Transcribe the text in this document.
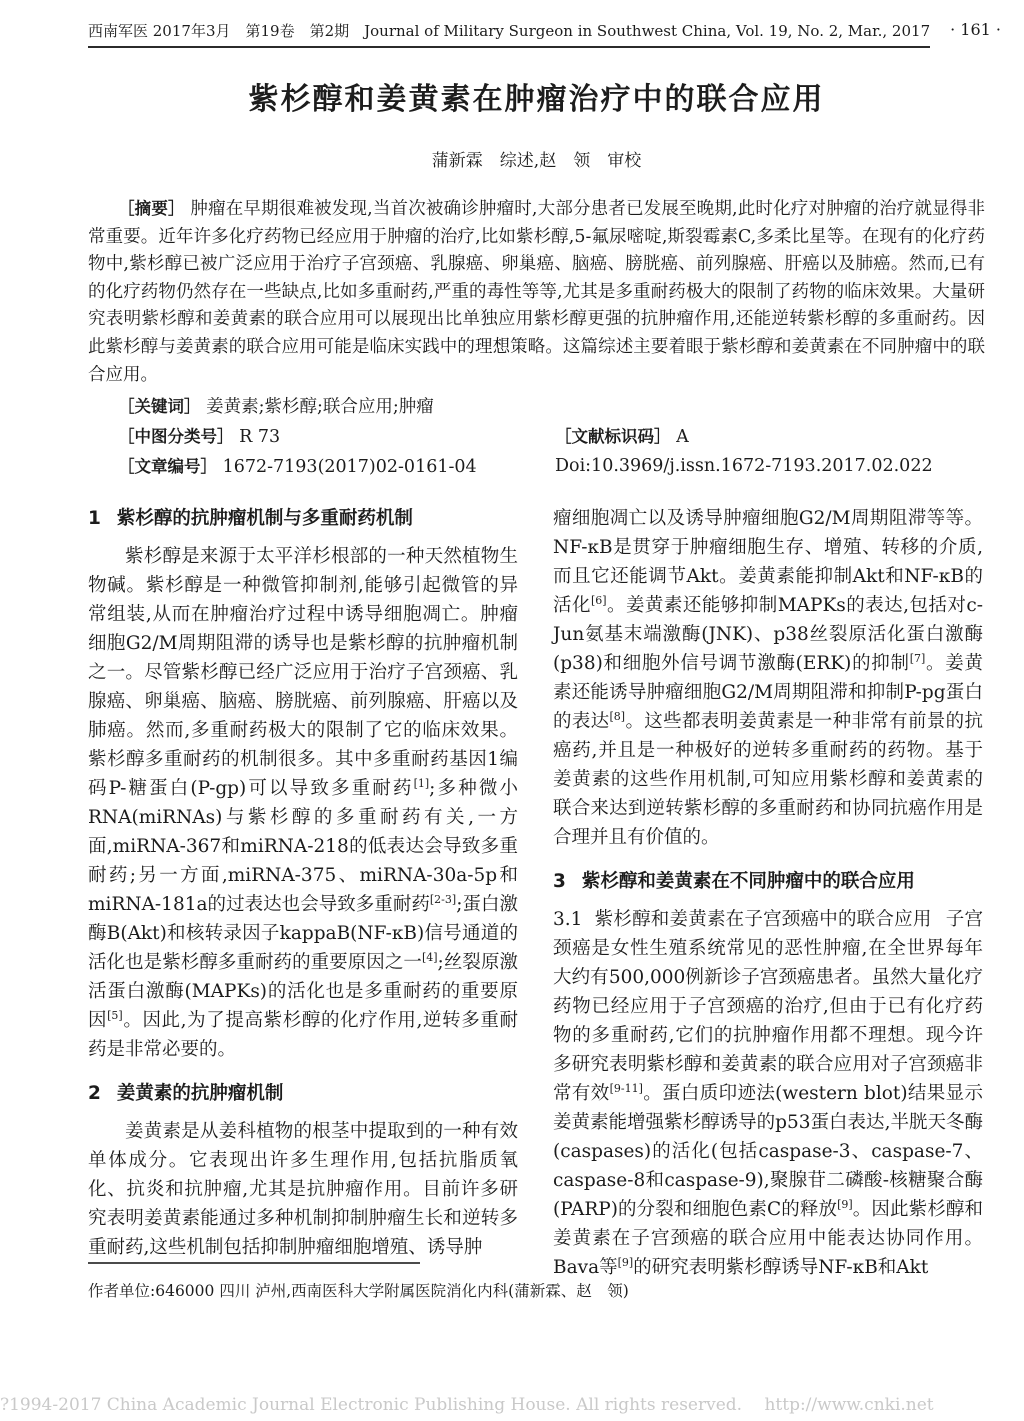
西南军医 2017年3月　第19卷　第2期　Journal of Military Surgeon in Southwest China, Vol. 19, No. 2, Mar., 2017	· 161 ·
紫杉醇和姜黄素在肿瘤治疗中的联合应用
蒲新霖　综述,赵　领　审校
［摘要］ 肿瘤在早期很难被发现,当首次被确诊肿瘤时,大部分患者已发展至晚期,此时化疗对肿瘤的治疗就显得非常重要。近年许多化疗药物已经应用于肿瘤的治疗,比如紫杉醇,5-氟尿嘧啶,斯裂霉素C,多柔比星等。在现有的化疗药物中,紫杉醇已被广泛应用于治疗子宫颈癌、乳腺癌、卵巢癌、脑癌、膀胱癌、前列腺癌、肝癌以及肺癌。然而,已有的化疗药物仍然存在一些缺点,比如多重耐药,严重的毒性等等,尤其是多重耐药极大的限制了药物的临床效果。大量研究表明紫杉醇和姜黄素的联合应用可以展现出比单独应用紫杉醇更强的抗肿瘤作用,还能逆转紫杉醇的多重耐药。因此紫杉醇与姜黄素的联合应用可能是临床实践中的理想策略。这篇综述主要着眼于紫杉醇和姜黄素在不同肿瘤中的联合应用。
［关键词］ 姜黄素;紫杉醇;联合应用;肿瘤
［中图分类号］ R 73	［文献标识码］ A
［文章编号］ 1672-7193(2017)02-0161-04	Doi:10.3969/j.issn.1672-7193.2017.02.022
1 紫杉醇的抗肿瘤机制与多重耐药机制

紫杉醇是来源于太平洋杉根部的一种天然植物生物碱。紫杉醇是一种微管抑制剂,能够引起微管的异常组装,从而在肿瘤治疗过程中诱导细胞凋亡。肿瘤细胞G2/M周期阻滞的诱导也是紫杉醇的抗肿瘤机制之一。尽管紫杉醇已经广泛应用于治疗子宫颈癌、乳腺癌、卵巢癌、脑癌、膀胱癌、前列腺癌、肝癌以及肺癌。然而,多重耐药极大的限制了它的临床效果。紫杉醇多重耐药的机制很多。其中多重耐药基因1编码P-糖蛋白(P-gp)可以导致多重耐药[1];多种微小RNA(miRNAs)与紫杉醇的多重耐药有关,一方面,miRNA-367和miRNA-218的低表达会导致多重耐药;另一方面,miRNA-375、miRNA-30a-5p和miRNA-181a的过表达也会导致多重耐药[2-3];蛋白激酶B(Akt)和核转录因子kappaB(NF-κB)信号通道的活化也是紫杉醇多重耐药的重要原因之一[4];丝裂原激活蛋白激酶(MAPKs)的活化也是多重耐药的重要原因[5]。因此,为了提高紫杉醇的化疗作用,逆转多重耐药是非常必要的。

2 姜黄素的抗肿瘤机制

姜黄素是从姜科植物的根茎中提取到的一种有效单体成分。它表现出许多生理作用,包括抗脂质氧化、抗炎和抗肿瘤,尤其是抗肿瘤作用。目前许多研究表明姜黄素能通过多种机制抑制肿瘤生长和逆转多重耐药,这些机制包括抑制肿瘤细胞增殖、诱导肿

瘤细胞凋亡以及诱导肿瘤细胞G2/M周期阻滞等等。NF-κB是贯穿于肿瘤细胞生存、增殖、转移的介质,而且它还能调节Akt。姜黄素能抑制Akt和NF-κB的活化[6]。姜黄素还能够抑制MAPKs的表达,包括对c-Jun氨基末端激酶(JNK)、p38丝裂原活化蛋白激酶(p38)和细胞外信号调节激酶(ERK)的抑制[7]。姜黄素还能诱导肿瘤细胞G2/M周期阻滞和抑制P-pg蛋白的表达[8]。这些都表明姜黄素是一种非常有前景的抗癌药,并且是一种极好的逆转多重耐药的药物。基于姜黄素的这些作用机制,可知应用紫杉醇和姜黄素的联合来达到逆转紫杉醇的多重耐药和协同抗癌作用是合理并且有价值的。

3 紫杉醇和姜黄素在不同肿瘤中的联合应用

3.1 紫杉醇和姜黄素在子宫颈癌中的联合应用 子宫颈癌是女性生殖系统常见的恶性肿瘤,在全世界每年大约有500,000例新诊子宫颈癌患者。虽然大量化疗药物已经应用于子宫颈癌的治疗,但由于已有化疗药物的多重耐药,它们的抗肿瘤作用都不理想。现今许多研究表明紫杉醇和姜黄素的联合应用对子宫颈癌非常有效[9-11]。蛋白质印迹法(western blot)结果显示姜黄素能增强紫杉醇诱导的p53蛋白表达,半胱天冬酶(caspases)的活化(包括caspase-3、caspase-7、caspase-8和caspase-9),聚腺苷二磷酸-核糖聚合酶(PARP)的分裂和细胞色素C的释放[9]。因此紫杉醇和姜黄素在子宫颈癌的联合应用中能表达协同作用。Bava等[9]的研究表明紫杉醇诱导NF-κB和Akt

作者单位:646000 四川 泸州,西南医科大学附属医院消化内科(蒲新霖、赵　领)
?1994-2017 China Academic Journal Electronic Publishing House. All rights reserved.　 http://www.cnki.net
